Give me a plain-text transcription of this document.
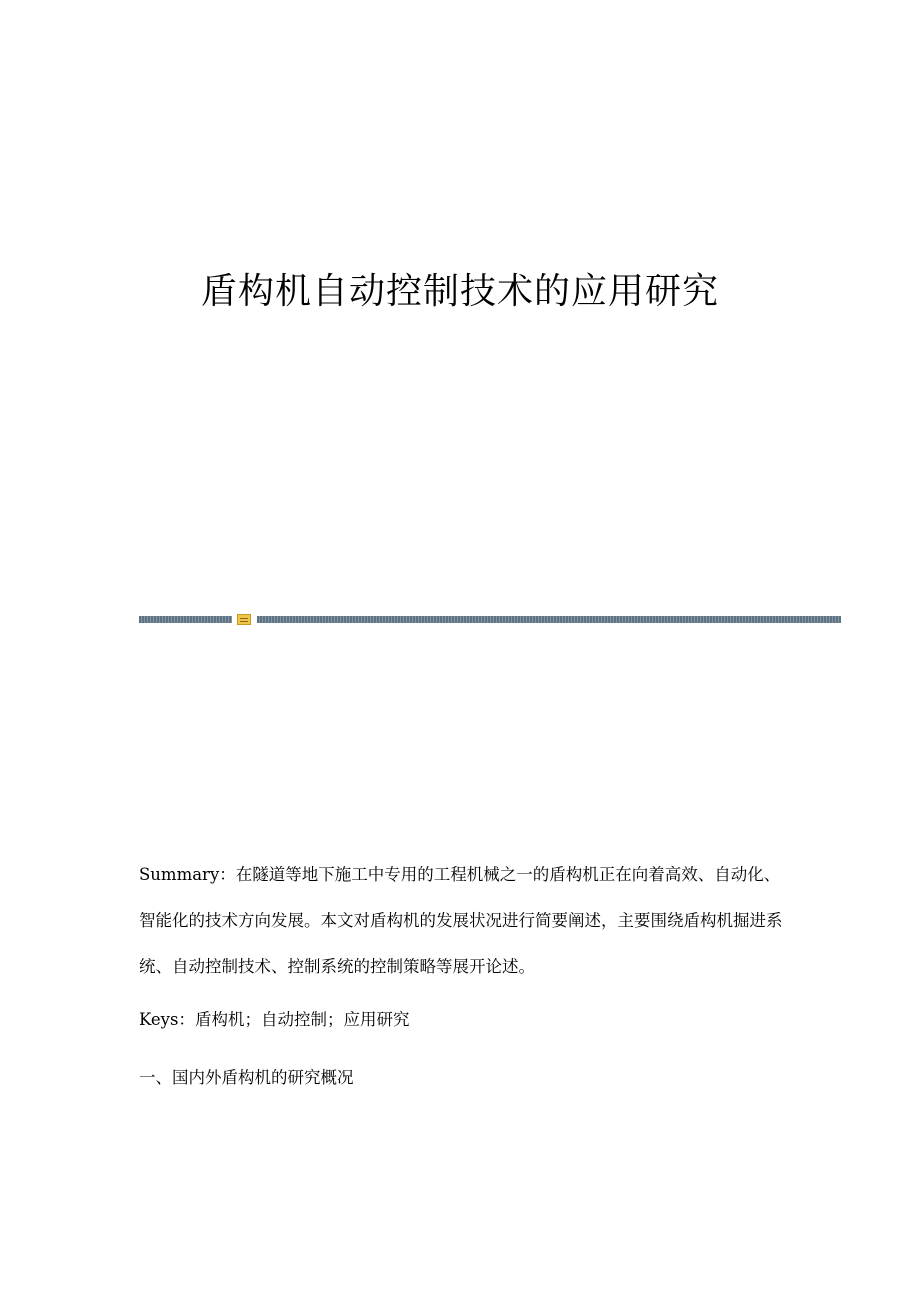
盾构机自动控制技术的应用研究

Summary：在隧道等地下施工中专用的工程机械之一的盾构机正在向着高效、自动化、智能化的技术方向发展。本文对盾构机的发展状况进行简要阐述，主要围绕盾构机掘进系统、自动控制技术、控制系统的控制策略等展开论述。

Keys：盾构机；自动控制；应用研究

一、国内外盾构机的研究概况
